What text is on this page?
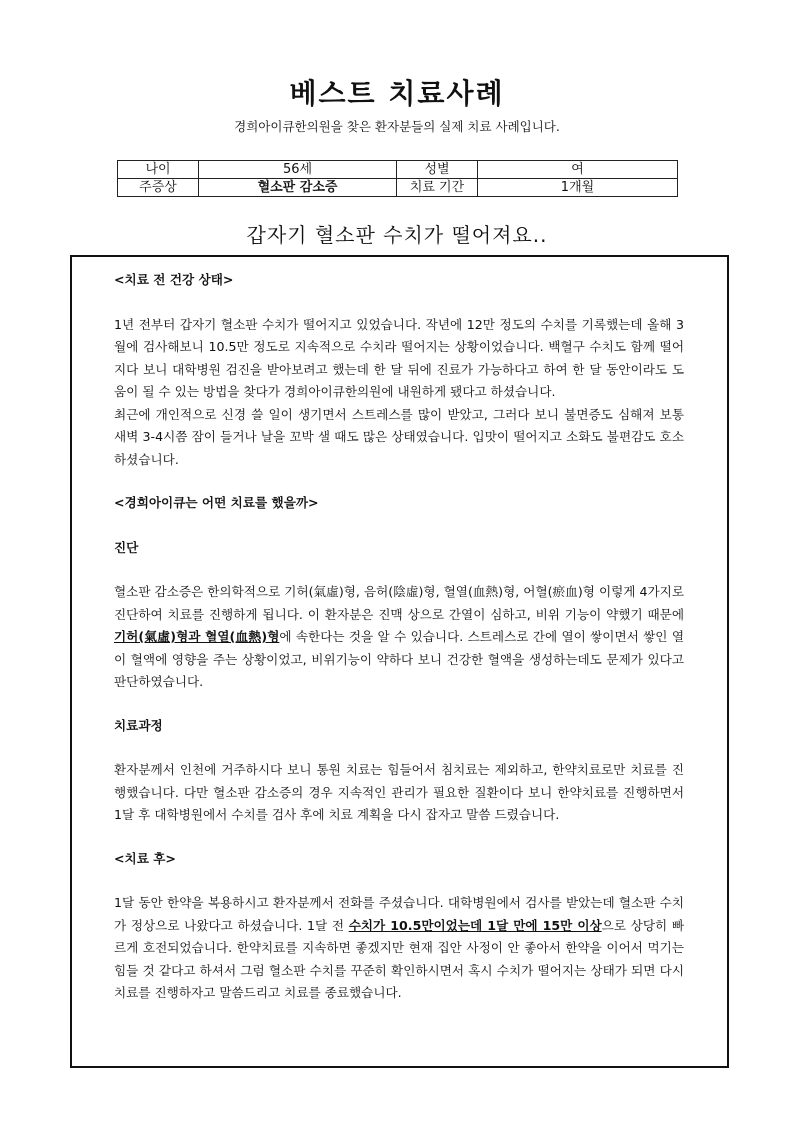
베스트 치료사례
경희아이큐한의원을 찾은 환자분들의 실제 치료 사례입니다.
나이	56세	성별	여
주증상	혈소판 감소증	치료 기간	1개월
갑자기 혈소판 수치가 떨어져요..

<치료 전 건강 상태>

1년 전부터 갑자기 혈소판 수치가 떨어지고 있었습니다. 작년에 12만 정도의 수치를 기록했는데 올해 3월에 검사해보니 10.5만 정도로 지속적으로 수치라 떨어지는 상황이었습니다. 백혈구 수치도 함께 떨어지다 보니 대학병원 검진을 받아보려고 했는데 한 달 뒤에 진료가 가능하다고 하여 한 달 동안이라도 도움이 될 수 있는 방법을 찾다가 경희아이큐한의원에 내원하게 됐다고 하셨습니다.

최근에 개인적으로 신경 쓸 일이 생기면서 스트레스를 많이 받았고, 그러다 보니 불면증도 심해져 보통 새벽 3-4시쯤 잠이 들거나 날을 꼬박 샐 때도 많은 상태였습니다. 입맛이 떨어지고 소화도 불편감도 호소하셨습니다.

<경희아이큐는 어떤 치료를 했을까>

진단

혈소판 감소증은 한의학적으로 기허(氣虛)형, 음허(陰虛)형, 혈열(血熱)형, 어혈(瘀血)형 이렇게 4가지로 진단하여 치료를 진행하게 됩니다. 이 환자분은 진맥 상으로 간열이 심하고, 비위 기능이 약했기 때문에 기허(氣虛)형과 혈열(血熱)형에 속한다는 것을 알 수 있습니다. 스트레스로 간에 열이 쌓이면서 쌓인 열이 혈액에 영향을 주는 상황이었고, 비위기능이 약하다 보니 건강한 혈액을 생성하는데도 문제가 있다고 판단하였습니다.

치료과정

환자분께서 인천에 거주하시다 보니 통원 치료는 힘들어서 침치료는 제외하고, 한약치료로만 치료를 진행했습니다. 다만 혈소판 감소증의 경우 지속적인 관리가 필요한 질환이다 보니 한약치료를 진행하면서 1달 후 대학병원에서 수치를 검사 후에 치료 계획을 다시 잡자고 말씀 드렸습니다.

<치료 후>

1달 동안 한약을 복용하시고 환자분께서 전화를 주셨습니다. 대학병원에서 검사를 받았는데 혈소판 수치가 정상으로 나왔다고 하셨습니다. 1달 전 수치가 10.5만이었는데 1달 만에 15만 이상으로 상당히 빠르게 호전되었습니다. 한약치료를 지속하면 좋겠지만 현재 집안 사정이 안 좋아서 한약을 이어서 먹기는 힘들 것 같다고 하셔서 그럼 혈소판 수치를 꾸준히 확인하시면서 혹시 수치가 떨어지는 상태가 되면 다시 치료를 진행하자고 말씀드리고 치료를 종료했습니다.
